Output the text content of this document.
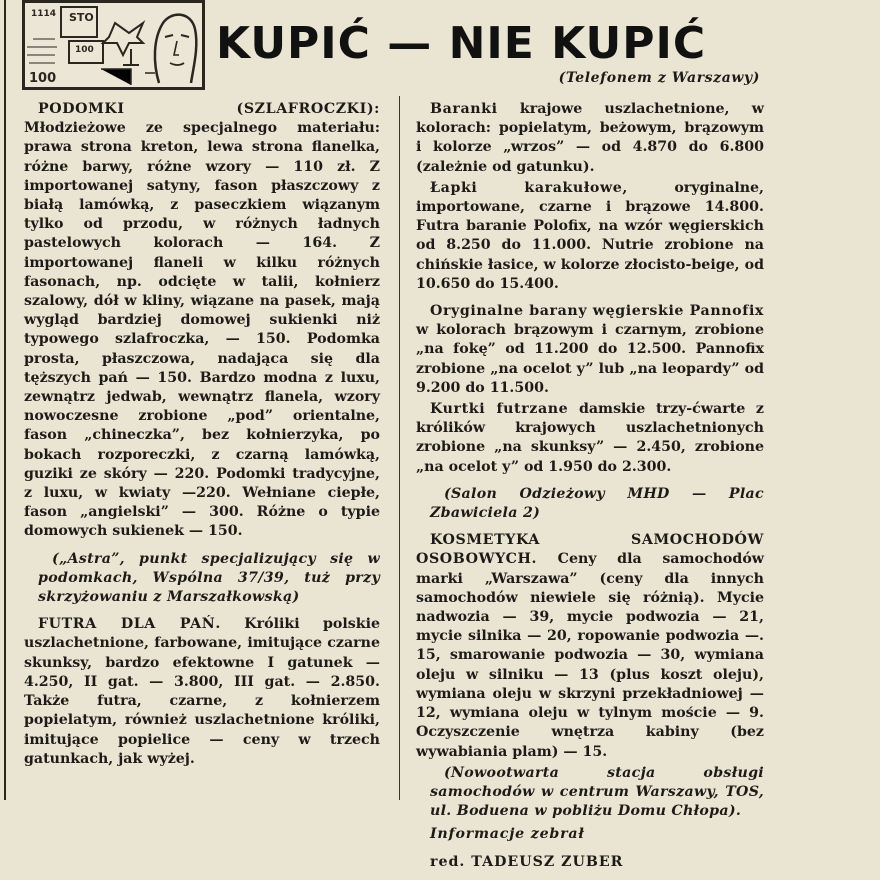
1114 STO
100
100
KUPIĆ — NIE KUPIĆ
(Telefonem z Warszawy)

PODOMKI (SZLAFROCZKI): Młodzieżowe ze specjalnego materiału: prawa strona kreton, lewa strona flanelka, różne barwy, różne wzory — 110 zł. Z importowanej satyny, fason płaszczowy z białą lamówką, z paseczkiem wiązanym tylko od przodu, w różnych ładnych pastelowych kolorach — 164. Z importowanej flaneli w kilku różnych fasonach, np. odcięte w talii, kołnierz szalowy, dół w kliny, wiązane na pasek, mają wygląd bardziej domowej sukienki niż typowego szlafroczka, — 150. Podomka prosta, płaszczowa, nadająca się dla tęższych pań — 150. Bardzo modna z luxu, zewnątrz jedwab, wewnątrz flanela, wzory nowoczesne zrobione „pod” orientalne, fason „chineczka”, bez kołnierzyka, po bokach rozporeczki, z czarną lamówką, guziki ze skóry — 220. Podomki tradycyjne, z luxu, w kwiaty —220. Wełniane ciepłe, fason „angielski” — 300. Różne o typie domowych sukienek — 150.

(„Astra”, punkt specjalizujący się w podomkach, Wspólna 37/39, tuż przy skrzyżowaniu z Marszałkowską)

FUTRA DLA PAŃ. Króliki polskie uszlachetnione, farbowane, imitujące czarne skunksy, bardzo efektowne I gatunek — 4.250, II gat. — 3.800, III gat. — 2.850. Także futra, czarne, z kołnierzem popielatym, również uszlachetnione króliki, imitujące popielice — ceny w trzech gatunkach, jak wyżej.

Baranki krajowe uszlachetnione, w kolorach: popielatym, beżowym, brązowym i kolorze „wrzos” — od 4.870 do 6.800 (zależnie od gatunku).

Łapki karakułowe, oryginalne, importowane, czarne i brązowe 14.800. Futra baranie Polofix, na wzór węgierskich od 8.250 do 11.000. Nutrie zrobione na chińskie łasice, w kolorze złocisto-beige, od 10.650 do 15.400.

Oryginalne barany węgierskie Pannofix w kolorach brązowym i czarnym, zrobione „na fokę” od 11.200 do 12.500. Pannofix zrobione „na ocelot y” lub „na leopardy” od 9.200 do 11.500.

Kurtki futrzane damskie trzy-ćwarte z królików krajowych uszlachetnionych zrobione „na skunksy” — 2.450, zrobione „na ocelot y” od 1.950 do 2.300.

(Salon Odzieżowy MHD — Plac Zbawiciela 2)

KOSMETYKA SAMOCHODÓW OSOBOWYCH. Ceny dla samochodów marki „Warszawa” (ceny dla innych samochodów niewiele się różnią). Mycie nadwozia — 39, mycie podwozia — 21, mycie silnika — 20, ropowanie podwozia —. 15, smarowanie podwozia — 30, wymiana oleju w silniku — 13 (plus koszt oleju), wymiana oleju w skrzyni przekładniowej — 12, wymiana oleju w tylnym moście — 9. Oczyszczenie wnętrza kabiny (bez wywabiania plam) — 15.

(Nowootwarta stacja obsługi samochodów w centrum Warszawy, TOS, ul. Boduena w pobliżu Domu Chłopa).

Informacje zebrał

red. TADEUSZ ZUBER
